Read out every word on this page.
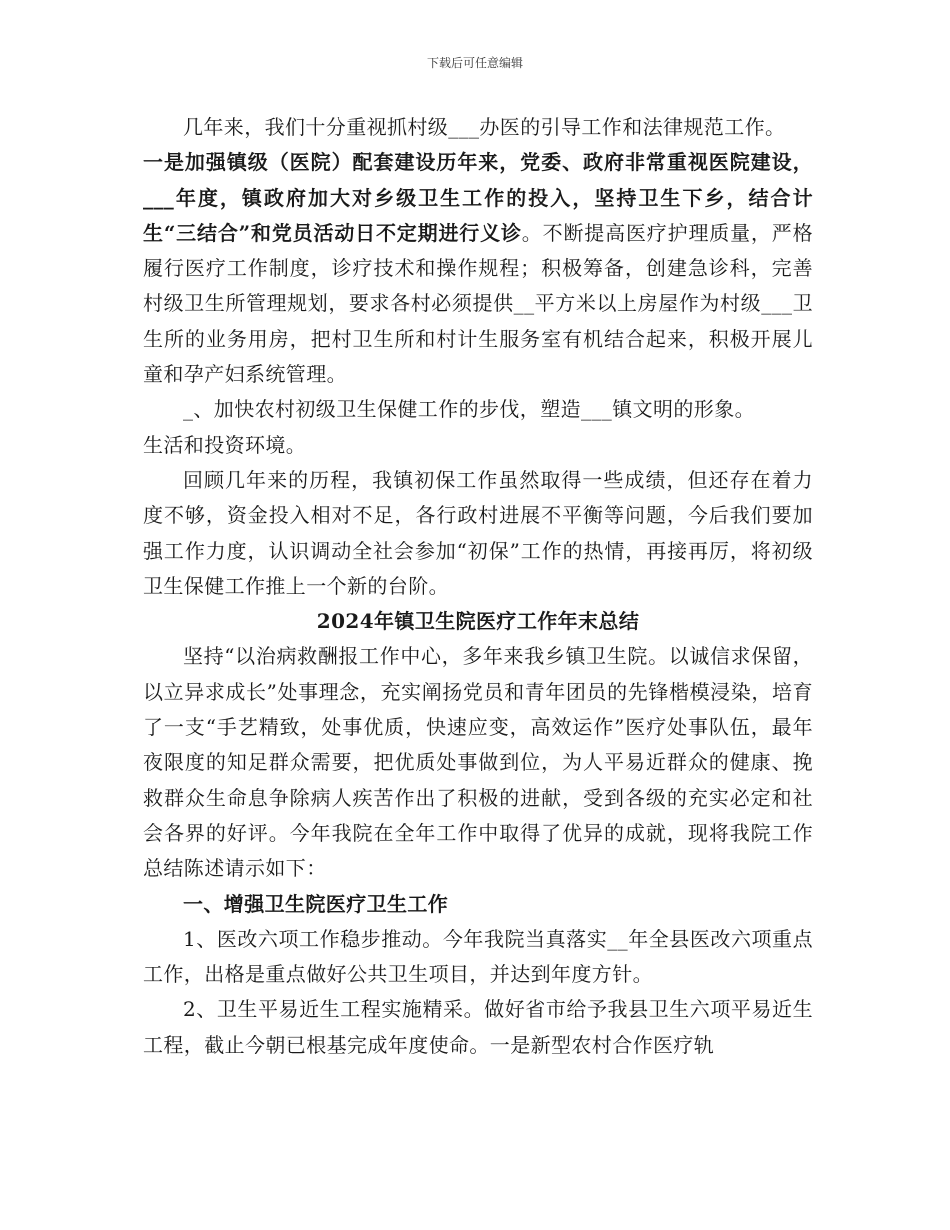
下载后可任意编辑

几年来，我们十分重视抓村级___办医的引导工作和法律规范工作。

一是加强镇级（医院）配套建设历年来，党委、政府非常重视医院建设，___年度，镇政府加大对乡级卫生工作的投入，坚持卫生下乡，结合计生“三结合”和党员活动日不定期进行义诊。不断提高医疗护理质量，严格履行医疗工作制度，诊疗技术和操作规程；积极筹备，创建急诊科，完善村级卫生所管理规划，要求各村必须提供__平方米以上房屋作为村级___卫生所的业务用房，把村卫生所和村计生服务室有机结合起来，积极开展儿童和孕产妇系统管理。

_、加快农村初级卫生保健工作的步伐，塑造___镇文明的形象。

生活和投资环境。

回顾几年来的历程，我镇初保工作虽然取得一些成绩，但还存在着力度不够，资金投入相对不足，各行政村进展不平衡等问题，今后我们要加强工作力度，认识调动全社会参加“初保”工作的热情，再接再厉，将初级卫生保健工作推上一个新的台阶。

2024年镇卫生院医疗工作年末总结

坚持“以治病救酬报工作中心，多年来我乡镇卫生院。以诚信求保留，以立异求成长”处事理念，充实阐扬党员和青年团员的先锋楷模浸染，培育了一支“手艺精致，处事优质，快速应变，高效运作”医疗处事队伍，最年夜限度的知足群众需要，把优质处事做到位，为人平易近群众的健康、挽救群众生命息争除病人疾苦作出了积极的进献，受到各级的充实必定和社会各界的好评。今年我院在全年工作中取得了优异的成就，现将我院工作总结陈述请示如下：

一、增强卫生院医疗卫生工作

1、医改六项工作稳步推动。今年我院当真落实__年全县医改六项重点工作，出格是重点做好公共卫生项目，并达到年度方针。

2、卫生平易近生工程实施精采。做好省市给予我县卫生六项平易近生工程，截止今朝已根基完成年度使命。一是新型农村合作医疗轨
